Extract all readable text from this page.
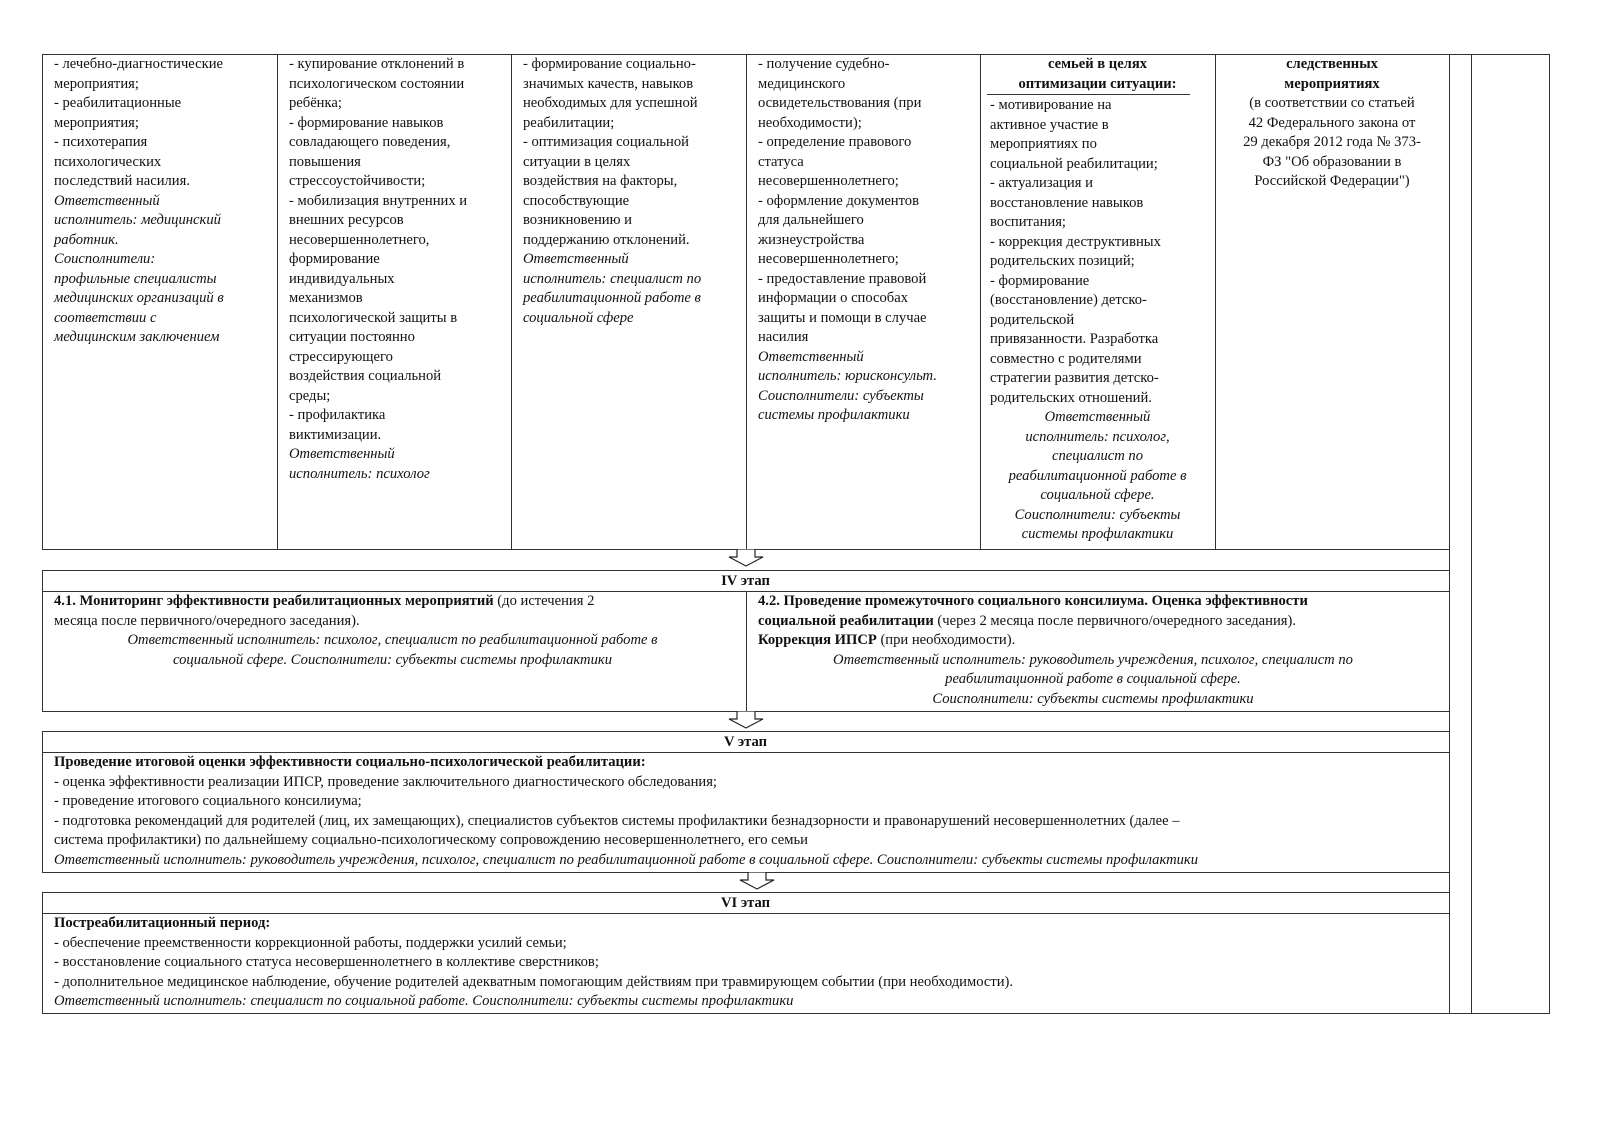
- лечебно-диагностические
мероприятия;
- реабилитационные
мероприятия;
- психотерапия
психологических
последствий насилия.
Ответственный
исполнитель: медицинский
работник.
Соисполнители:
профильные специалисты
медицинских организаций в
соответствии с
медицинским заключением
- купирование отклонений в
психологическом состоянии
ребёнка;
- формирование навыков
совладающего поведения,
повышения
стрессоустойчивости;
- мобилизация внутренних и
внешних ресурсов
несовершеннолетнего,
формирование
индивидуальных
механизмов
психологической защиты в
ситуации постоянно
стрессирующего
воздействия социальной
среды;
- профилактика
виктимизации.
Ответственный
исполнитель: психолог
- формирование социально-
значимых качеств, навыков
необходимых для успешной
реабилитации;
- оптимизация социальной
ситуации в целях
воздействия на факторы,
способствующие
возникновению и
поддержанию отклонений.
Ответственный
исполнитель: специалист по
реабилитационной работе в
социальной сфере
- получение судебно-
медицинского
освидетельствования (при
необходимости);
- определение правового
статуса
несовершеннолетнего;
- оформление документов
для дальнейшего
жизнеустройства
несовершеннолетнего;
- предоставление правовой
информации о способах
защиты и помощи в случае
насилия
Ответственный
исполнитель: юрисконсульт.
Соисполнители: субъекты
системы профилактики
семьей в целях
оптимизации ситуации:
- мотивирование на
активное участие в
мероприятиях по
социальной реабилитации;
- актуализация и
восстановление навыков
воспитания;
- коррекция деструктивных
родительских позиций;
- формирование
(восстановление) детско-
родительской
привязанности. Разработка
совместно с родителями
стратегии развития детско-
родительских отношений.
Ответственный
исполнитель: психолог,
специалист по
реабилитационной работе в
социальной сфере.
Соисполнители: субъекты
системы профилактики
следственных
мероприятиях
(в соответствии со статьей
42 Федерального закона от
29 декабря 2012 года № 373-
ФЗ "Об образовании в
Российской Федерации")
IV этап
4.1. Мониторинг эффективности реабилитационных мероприятий (до истечения 2
месяца после первичного/очередного заседания).
Ответственный исполнитель: психолог, специалист по реабилитационной работе в
социальной сфере. Соисполнители: субъекты системы профилактики
4.2. Проведение промежуточного социального консилиума. Оценка эффективности
социальной реабилитации (через 2 месяца после первичного/очередного заседания).
Коррекция ИПСР (при необходимости).
Ответственный исполнитель: руководитель учреждения, психолог, специалист по
реабилитационной работе в социальной сфере.
Соисполнители: субъекты системы профилактики
V этап
Проведение итоговой оценки эффективности социально-психологической реабилитации:
- оценка эффективности реализации ИПСР, проведение заключительного диагностического обследования;
- проведение итогового социального консилиума;
- подготовка рекомендаций для родителей (лиц, их замещающих), специалистов субъектов системы профилактики безнадзорности и правонарушений несовершеннолетних (далее –
система профилактики) по дальнейшему социально-психологическому сопровождению несовершеннолетнего, его семьи
Ответственный исполнитель: руководитель учреждения, психолог, специалист по реабилитационной работе в социальной сфере. Соисполнители: субъекты системы профилактики
VI этап
Постреабилитационный период:
- обеспечение преемственности коррекционной работы, поддержки усилий семьи;
- восстановление социального статуса несовершеннолетнего в коллективе сверстников;
- дополнительное медицинское наблюдение, обучение родителей адекватным помогающим действиям при травмирующем событии (при необходимости).
Ответственный исполнитель: специалист по социальной работе. Соисполнители: субъекты системы профилактики
